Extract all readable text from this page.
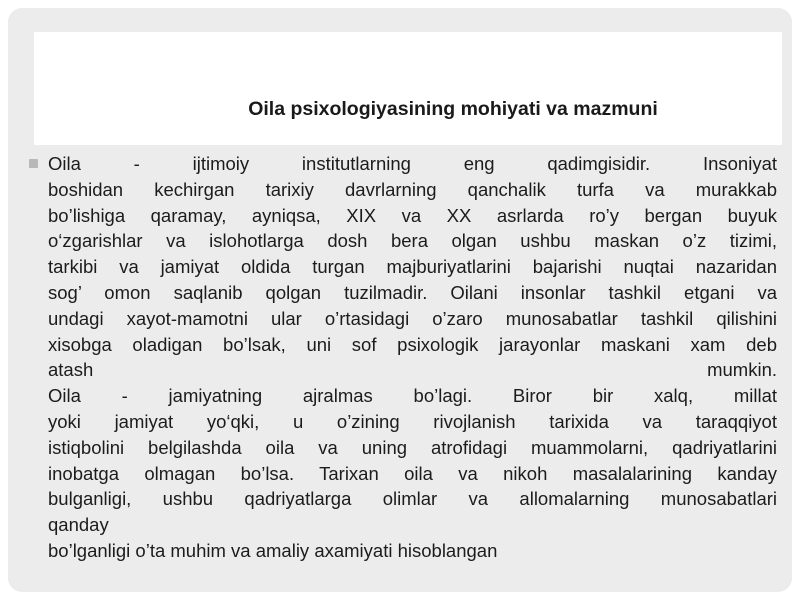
Oila psixologiyasining mohiyati va mazmuni

Oila - ijtimoiy institutlarning eng qadimgisidir. Insoniyat

boshidan kechirgan tarixiy davrlarning qanchalik turfa va murakkab

bo’lishiga qaramay, ayniqsa, XIX va XX asrlarda ro’y bergan buyuk

o‘zgarishlar va islohotlarga dosh bera olgan ushbu maskan o’z tizimi,

tarkibi va jamiyat oldida turgan majburiyatlarini bajarishi nuqtai nazaridan

sog’ omon saqlanib qolgan tuzilmadir. Oilani insonlar tashkil etgani va

undagi xayot-mamotni ular o’rtasidagi o’zaro munosabatlar tashkil qilishini

xisobga oladigan bo’lsak, uni sof psixologik jarayonlar maskani xam deb

atash mumkin.

Oila - jamiyatning ajralmas bo’lagi. Biror bir xalq, millat

yoki jamiyat yo‘qki, u o’zining rivojlanish tarixida va taraqqiyot

istiqbolini belgilashda oila va uning atrofidagi muammolarni, qadriyatlarini

inobatga olmagan bo’lsa. Tarixan oila va nikoh masalalarining kanday

bulganligi, ushbu qadriyatlarga olimlar va allomalarning munosabatlari

qanday

bo’lganligi o’ta muhim va amaliy axamiyati hisoblangan
